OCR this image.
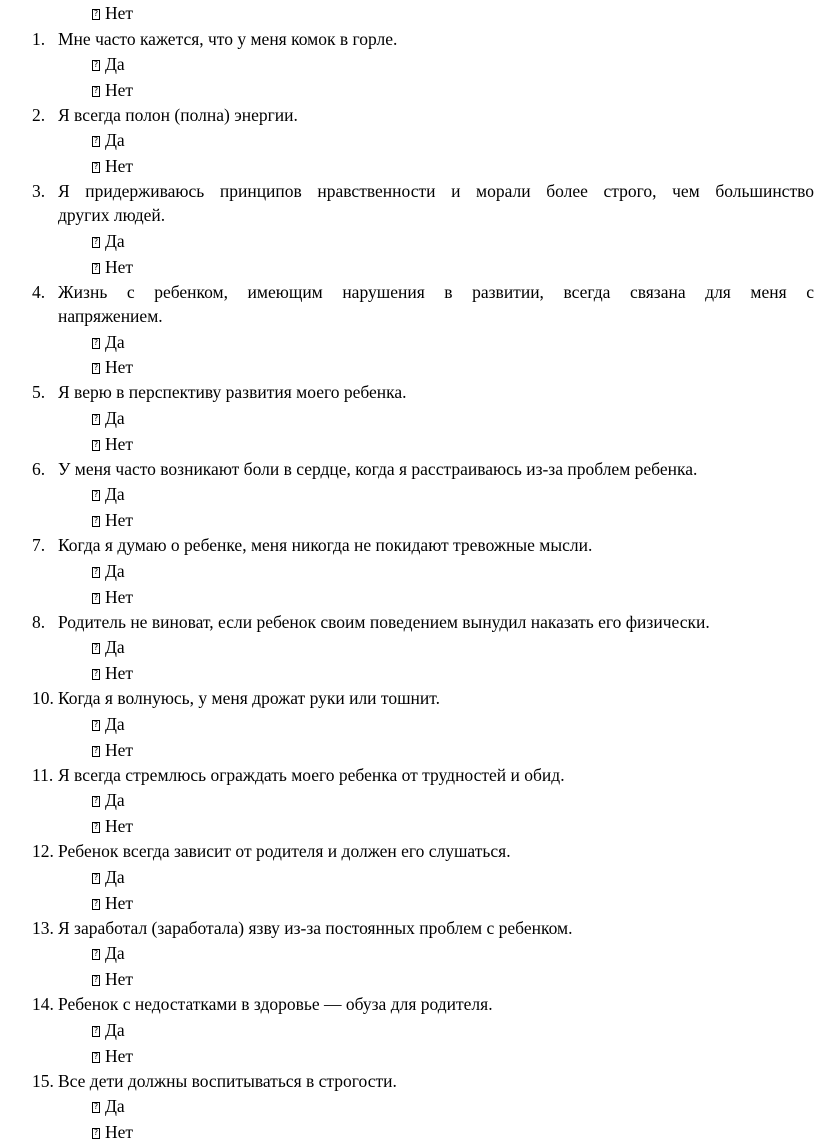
?Нет
1. Мне часто кажется, что у меня комок в горле.
?Да
?Нет
2. Я всегда полон (полна) энергии.
?Да
?Нет
3. Я придерживаюсь принципов нравственности и морали более строго, чем большинство
других людей.
?Да
?Нет
4. Жизнь с ребенком, имеющим нарушения в развитии, всегда связана для меня с
напряжением.
?Да
?Нет
5. Я верю в перспективу развития моего ребенка.
?Да
?Нет
6. У меня часто возникают боли в сердце, когда я расстраиваюсь из-за проблем ребенка.
?Да
?Нет
7. Когда я думаю о ребенке, меня никогда не покидают тревожные мысли.
?Да
?Нет
8. Родитель не виноват, если ребенок своим поведением вынудил наказать его физически.
?Да
?Нет
10. Когда я волнуюсь, у меня дрожат руки или тошнит.
?Да
?Нет
11. Я всегда стремлюсь ограждать моего ребенка от трудностей и обид.
?Да
?Нет
12. Ребенок всегда зависит от родителя и должен его слушаться.
?Да
?Нет
13. Я заработал (заработала) язву из-за постоянных проблем с ребенком.
?Да
?Нет
14. Ребенок с недостатками в здоровье — обуза для родителя.
?Да
?Нет
15. Все дети должны воспитываться в строгости.
?Да
?Нет
